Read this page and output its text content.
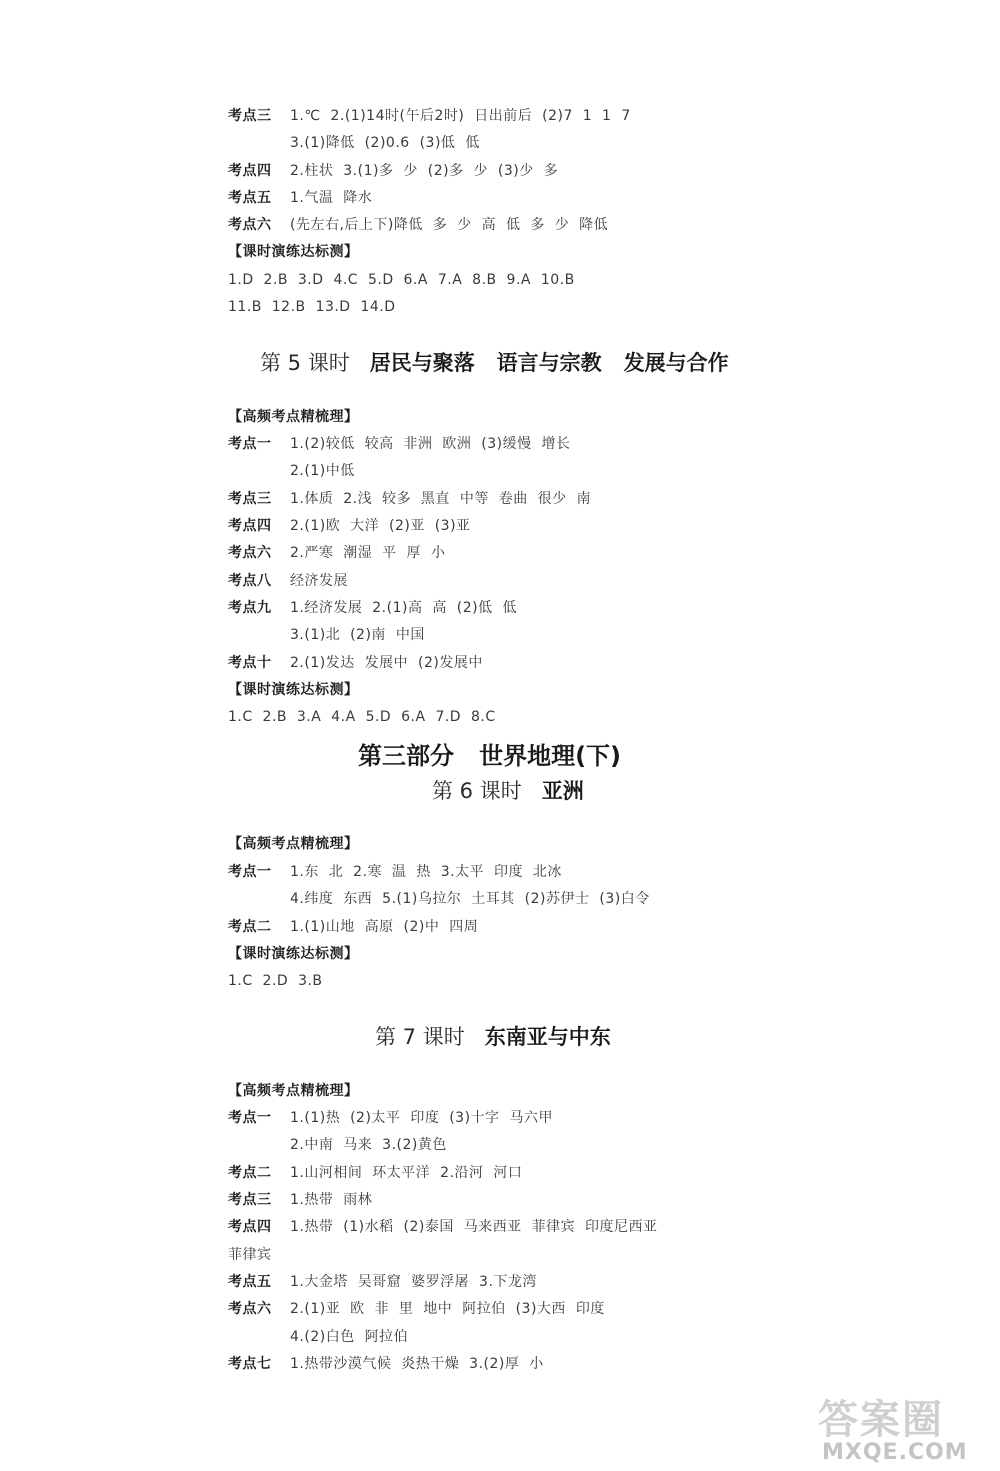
考点三 1.℃  2.(1)14时(午后2时)  日出前后  (2)7  1  1  7
3.(1)降低  (2)0.6  (3)低  低
考点四 2.柱状  3.(1)多  少  (2)多  少  (3)少  多
考点五 1.气温  降水
考点六 (先左右,后上下)降低  多  少  高  低  多  少  降低
【课时演练达标测】
1.D  2.B  3.D  4.C  5.D  6.A  7.A  8.B  9.A  10.B
11.B  12.B  13.D  14.D
第 5 课时 居民与聚落   语言与宗教   发展与合作
【高频考点精梳理】
考点一 1.(2)较低  较高  非洲  欧洲  (3)缓慢  增长
2.(1)中低
考点三 1.体质  2.浅  较多  黑直  中等  卷曲  很少  南
考点四 2.(1)欧  大洋  (2)亚  (3)亚
考点六 2.严寒  潮湿  平  厚  小
考点八 经济发展
考点九 1.经济发展  2.(1)高  高  (2)低  低
3.(1)北  (2)南  中国
考点十 2.(1)发达  发展中  (2)发展中
【课时演练达标测】
1.C  2.B  3.A  4.A  5.D  6.A  7.D  8.C
第三部分   世界地理(下)
第 6 课时 亚洲
【高频考点精梳理】
考点一 1.东  北  2.寒  温  热  3.太平  印度  北冰
4.纬度  东西  5.(1)乌拉尔  土耳其  (2)苏伊士  (3)白令
考点二 1.(1)山地  高原  (2)中  四周
【课时演练达标测】
1.C  2.D  3.B
第 7 课时 东南亚与中东
【高频考点精梳理】
考点一 1.(1)热  (2)太平  印度  (3)十字  马六甲
2.中南  马来  3.(2)黄色
考点二 1.山河相间  环太平洋  2.沿河  河口
考点三 1.热带  雨林
考点四 1.热带  (1)水稻  (2)泰国  马来西亚  菲律宾  印度尼西亚
菲律宾
考点五 1.大金塔  吴哥窟  婆罗浮屠  3.下龙湾
考点六 2.(1)亚  欧  非  里  地中  阿拉伯  (3)大西  印度
4.(2)白色  阿拉伯
考点七 1.热带沙漠气候  炎热干燥  3.(2)厚  小
答案圈
MXQE.COM
